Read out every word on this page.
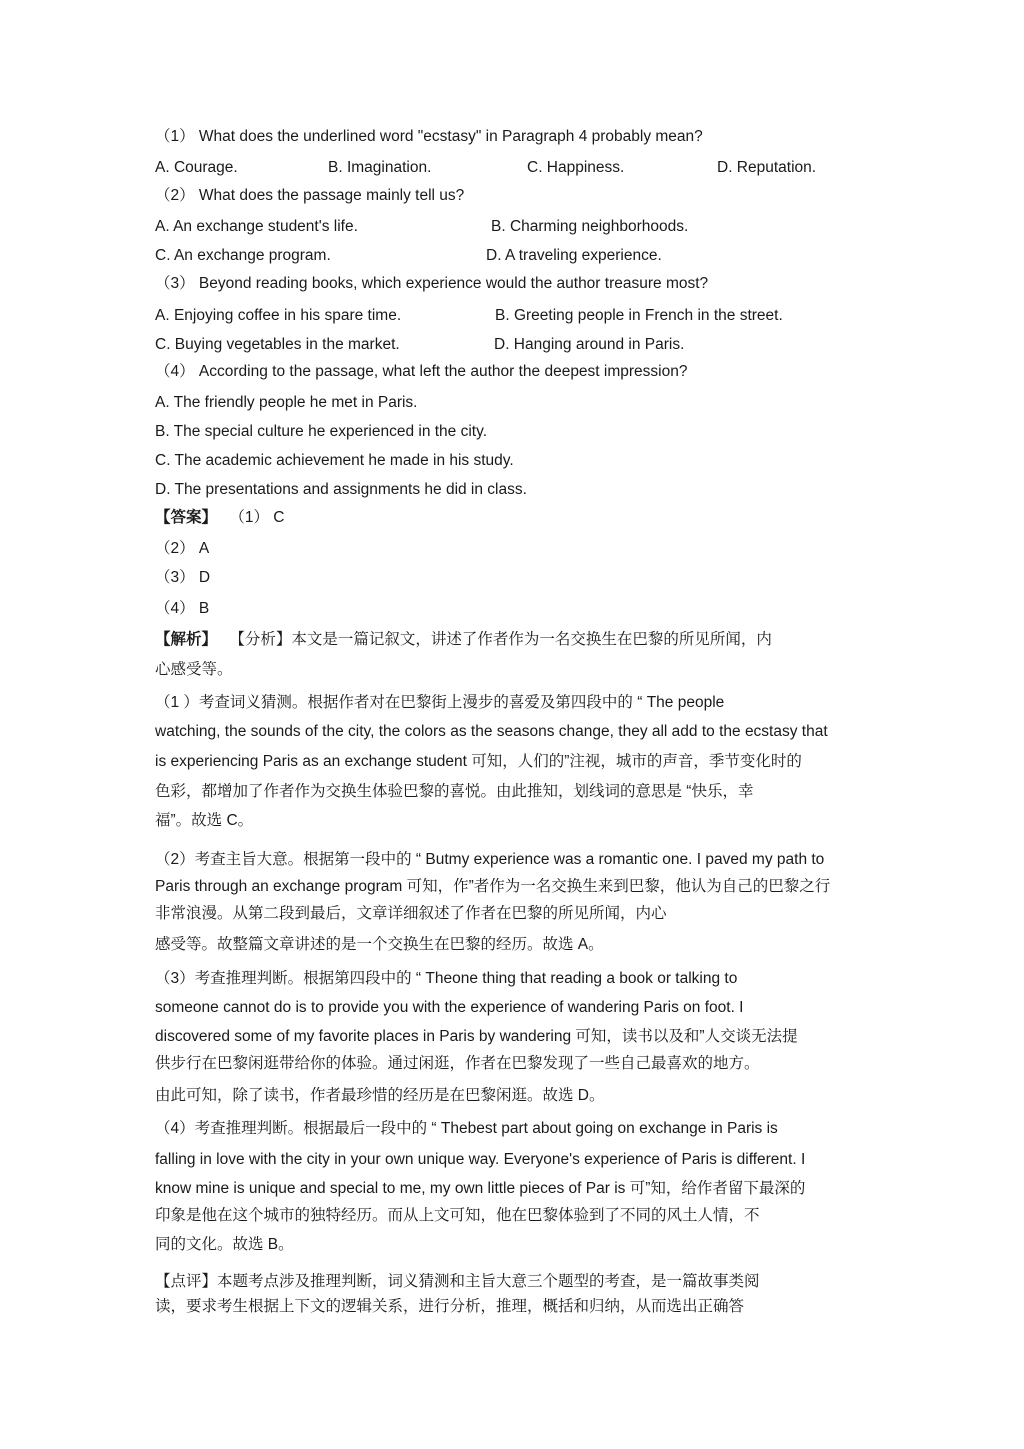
（1） What does the underlined word "ecstasy" in Paragraph 4 probably mean?
A. Courage.	B. Imagination.	C. Happiness.	D. Reputation.
（2） What does the passage mainly tell us?
A. An exchange student's life.	B. Charming neighborhoods.
C. An exchange program.	D. A traveling experience.
（3） Beyond reading books, which experience would the author treasure most?
A. Enjoying coffee in his spare time.	B. Greeting people in French in the street.
C. Buying vegetables in the market.	D. Hanging around in Paris.
（4） According to the passage, what left the author the deepest impression?
A. The friendly people he met in Paris.
B. The special culture he experienced in the city.
C. The academic achievement he made in his study.
D. The presentations and assignments he did in class.
【答案】 （1） C
（2） A
（3） D
（4） B
【解析】 【分析】本文是一篇记叙文，讲述了作者作为一名交换生在巴黎的所见所闻，内
心感受等。
（1 ）考查词义猜测。根据作者对在巴黎街上漫步的喜爱及第四段中的 “ The people
watching, the sounds of the city, the colors as the seasons change, they all add to the ecstasy that
is experiencing Paris as an exchange student 可知，人们的”注视，城市的声音，季节变化时的
色彩，都增加了作者作为交换生体验巴黎的喜悦。由此推知，划线词的意思是 “快乐，幸
福”。故选 C。
（2）考查主旨大意。根据第一段中的 “ Butmy experience was a romantic one. I paved my path to
Paris through an exchange program 可知，作”者作为一名交换生来到巴黎，他认为自己的巴黎之行
非常浪漫。从第二段到最后，文章详细叙述了作者在巴黎的所见所闻，内心
感受等。故整篇文章讲述的是一个交换生在巴黎的经历。故选 A。
（3）考查推理判断。根据第四段中的 “ Theone thing that reading a book or talking to
someone cannot do is to provide you with the experience of wandering Paris on foot. I
discovered some of my favorite places in Paris by wandering 可知，读书以及和”人交谈无法提
供步行在巴黎闲逛带给你的体验。通过闲逛，作者在巴黎发现了一些自己最喜欢的地方。
由此可知，除了读书，作者最珍惜的经历是在巴黎闲逛。故选 D。
（4）考查推理判断。根据最后一段中的 “ Thebest part about going on exchange in Paris is
falling in love with the city in your own unique way. Everyone's experience of Paris is different. I
know mine is unique and special to me, my own little pieces of Par is 可”知，给作者留下最深的
印象是他在这个城市的独特经历。而从上文可知，他在巴黎体验到了不同的风土人情，不
同的文化。故选 B。
【点评】本题考点涉及推理判断，词义猜测和主旨大意三个题型的考查，是一篇故事类阅
读，要求考生根据上下文的逻辑关系，进行分析，推理，概括和归纳，从而选出正确答
